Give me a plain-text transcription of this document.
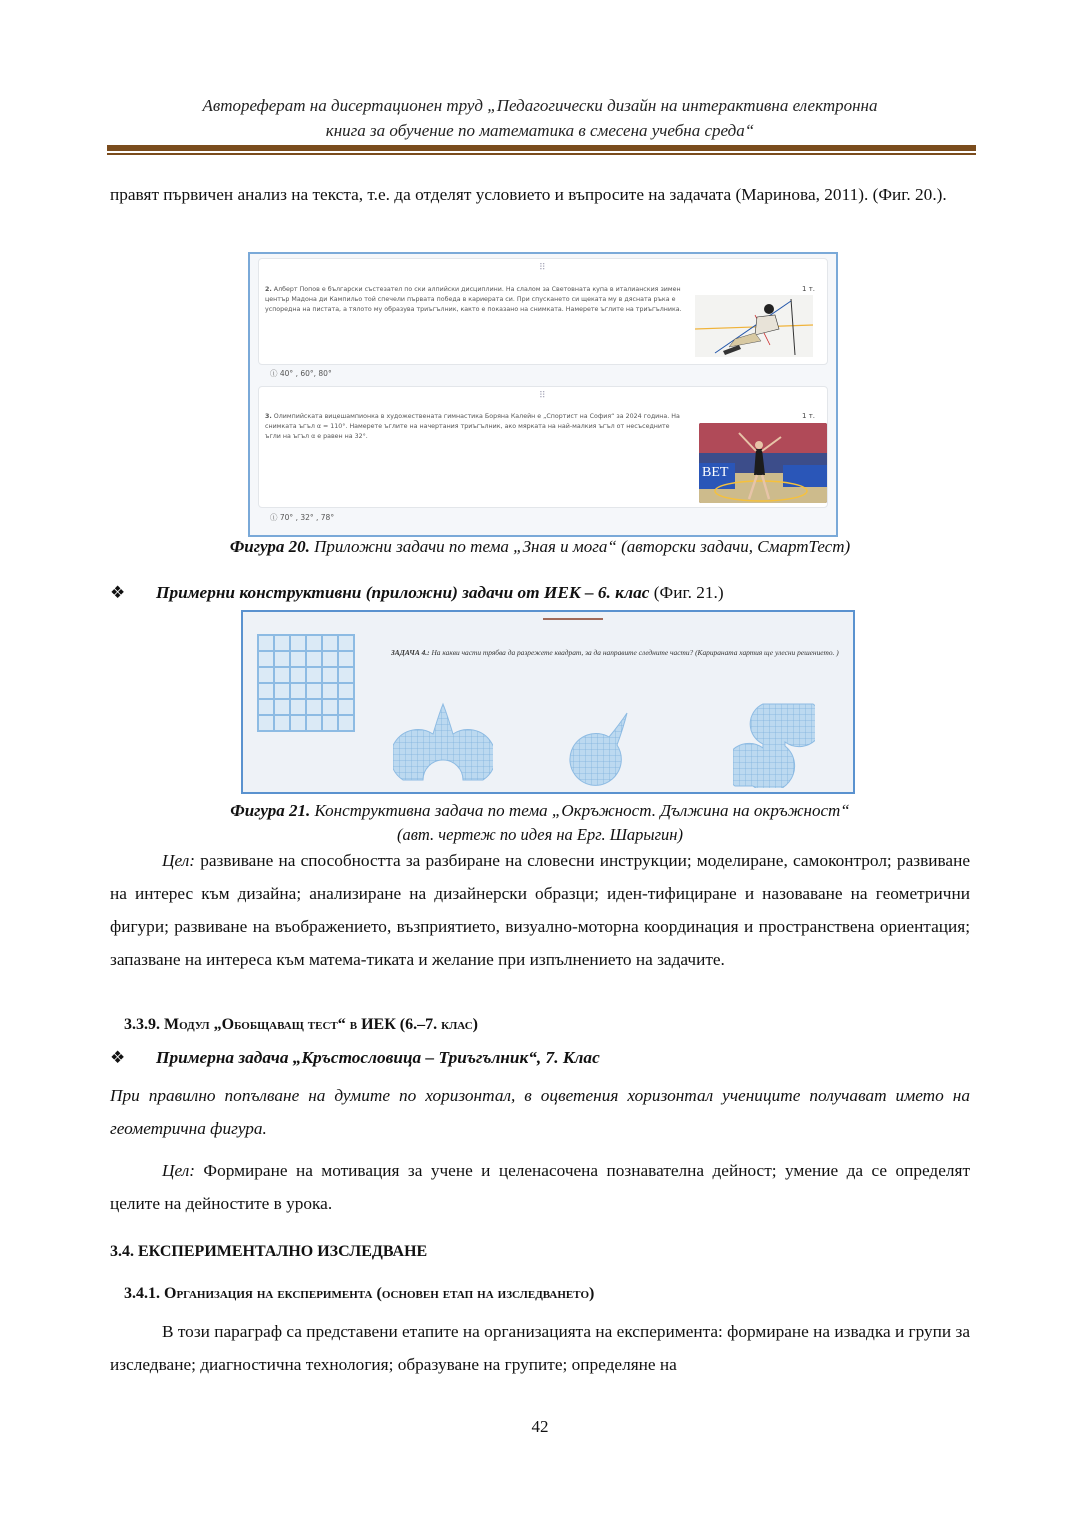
Автореферат на дисертационен труд „Педагогически дизайн на интерактивна електронна
книга за обучение по математика в смесена учебна среда“
правят първичен анализ на текста, т.е. да отделят условието и въпросите на задачата (Маринова, 2011). (Фиг. 20.).
⠿
2. Алберт Попов е български състезател по ски алпийски дисциплини. На слалом за Световната купа в италианския зимен център Мадона ди Кампильо той спечели първата победа в кариерата си. При спускането си щеката му в дясната ръка е успоредна на пистата, а тялото му образува триъгълник, както е показано на снимката. Намерете ъглите на триъгълника.
1 т.
ⓘ 40° , 60°, 80°
⠿
3. Олимпийската вицешампионка в художествената гимнастика Боряна Калейн е „Спортист на София“ за 2024 година. На снимката ъгъл α = 110°. Намерете ъглите на начертания триъгълник, ако мярката на най-малкия ъгъл от несъседните ъгли на ъгъл α е равен на 32°.
1 т.
BET
ⓘ 70° , 32° , 78°
Фигура 20. Приложни задачи по тема „Зная и мога“ (авторски задачи, СмартТест)
❖ Примерни конструктивни (приложни) задачи от ИЕК – 6. клас (Фиг. 21.)
ЗАДАЧА 4.: На какви части трябва да разрежете квадрат, за да направите следните части? (Карираната хартия ще улесни решението. )
Фигура 21. Конструктивна задача по тема „Окръжност. Дължина на окръжност“
(авт. чертеж по идея на Ерг. Шарыгин)
Цел: развиване на способността за разбиране на словесни инструкции; моделиране, самоконтрол; развиване на интерес към дизайна; анализиране на дизайнерски образци; иден-тифициране и назоваване на геометрични фигури; развиване на въображението, възприятието, визуално-моторна координация и пространствена ориентация; запазване на интереса към матема-тиката и желание при изпълнението на задачите.
3.3.9. Модул „Обобщаващ тест“ в ИЕК (6.–7. клас)
❖ Примерна задача „Кръстословица – Триъгълник“, 7. Клас
При правилно попълване на думите по хоризонтал, в оцветения хоризонтал учениците получават името на геометрична фигура.
Цел: Формиране на мотивация за учене и целенасочена познавателна дейност; умение да се определят целите на дейностите в урока.
3.4. ЕКСПЕРИМЕНТАЛНО ИЗСЛЕДВАНЕ
3.4.1. Организация на експеримента (основен етап на изследването)
В този параграф са представени етапите на организацията на експеримента: формиране на извадка и групи за изследване; диагностична технология; образуване на групите; определяне на
42
